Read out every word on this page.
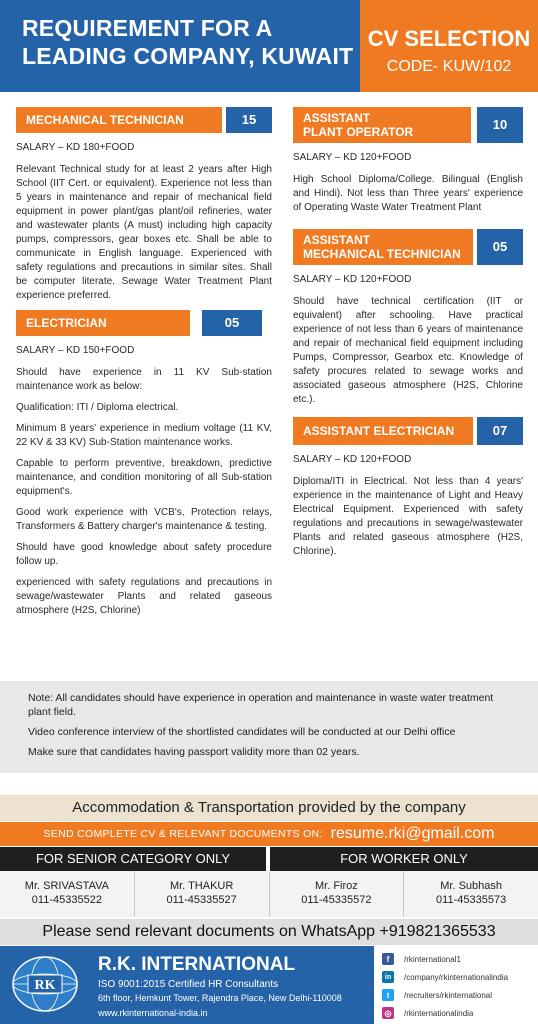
REQUIREMENT FOR A
LEADING COMPANY, KUWAIT
CV SELECTION
CODE- KUW/102
MECHANICAL TECHNICIAN	15
SALARY – KD 180+FOOD
Relevant Technical study for at least 2 years after High School (IIT Cert. or equivalent). Experience not less than 5 years in maintenance and repair of mechanical field equipment in power plant/gas plant/oil refineries, water and wastewater plants (A must) including high capacity pumps, compressors, gear boxes etc. Shall be able to communicate in English language. Experienced with safety regulations and precautions in similar sites. Shall be computer literate. Sewage Water Treatment Plant experience preferred.
ELECTRICIAN	05
SALARY – KD 150+FOOD
Should have experience in 11 KV Sub-station maintenance work as below:
Qualification: ITI / Diploma electrical.
Minimum 8 years' experience in medium voltage (11 KV, 22 KV & 33 KV) Sub-Station maintenance works.
Capable to perform preventive, breakdown, predictive maintenance, and condition monitoring of all Sub-station equipment's.
Good work experience with VCB's, Protection relays, Transformers & Battery charger's maintenance & testing.
Should have good knowledge about safety procedure follow up.
experienced with safety regulations and precautions in sewage/wastewater Plants and related gaseous atmosphere (H2S, Chlorine)
ASSISTANT
PLANT OPERATOR	10
SALARY – KD 120+FOOD
High School Diploma/College. Bilingual (English and Hindi). Not less than Three years' experience of Operating Waste Water Treatment Plant
ASSISTANT
MECHANICAL TECHNICIAN	05
SALARY – KD 120+FOOD
Should have technical certification (IIT or equivalent) after schooling. Have practical experience of not less than 6 years of maintenance and repair of mechanical field equipment including Pumps, Compressor, Gearbox etc. Knowledge of safety procures related to sewage works and associated gaseous atmosphere (H2S, Chlorine etc.).
ASSISTANT ELECTRICIAN	07
SALARY – KD 120+FOOD
Diploma/ITI in Electrical. Not less than 4 years' experience in the maintenance of Light and Heavy Electrical Equipment. Experienced with safety regulations and precautions in sewage/wastewater Plants and related gaseous atmosphere (H2S, Chlorine).

Note: All candidates should have experience in operation and maintenance in waste water treatment plant field.

Video conference interview of the shortlisted candidates will be conducted at our Delhi office

Make sure that candidates having passport validity more than 02 years.

Accommodation & Transportation provided by the company
SEND COMPLETE CV & RELEVANT DOCUMENTS ON: resume.rki@gmail.com
FOR SENIOR CATEGORY ONLY	FOR WORKER ONLY
Mr. SRIVASTAVA
011-45335522
Mr. THAKUR
011-45335527
Mr. Firoz
011-45335572
Mr. Subhash
011-45335573
Please send relevant documents on WhatsApp +919821365533
RK
R.K. INTERNATIONAL
ISO 9001:2015 Certified HR Consultants
6th floor, Hemkunt Tower, Rajendra Place, New Delhi-110008
www.rkinternational-india.in
f	/rkinternational1
in	/company/rkinternationalindia
t	/recruiters/rkinternational
◎	/rkinternationalindia
